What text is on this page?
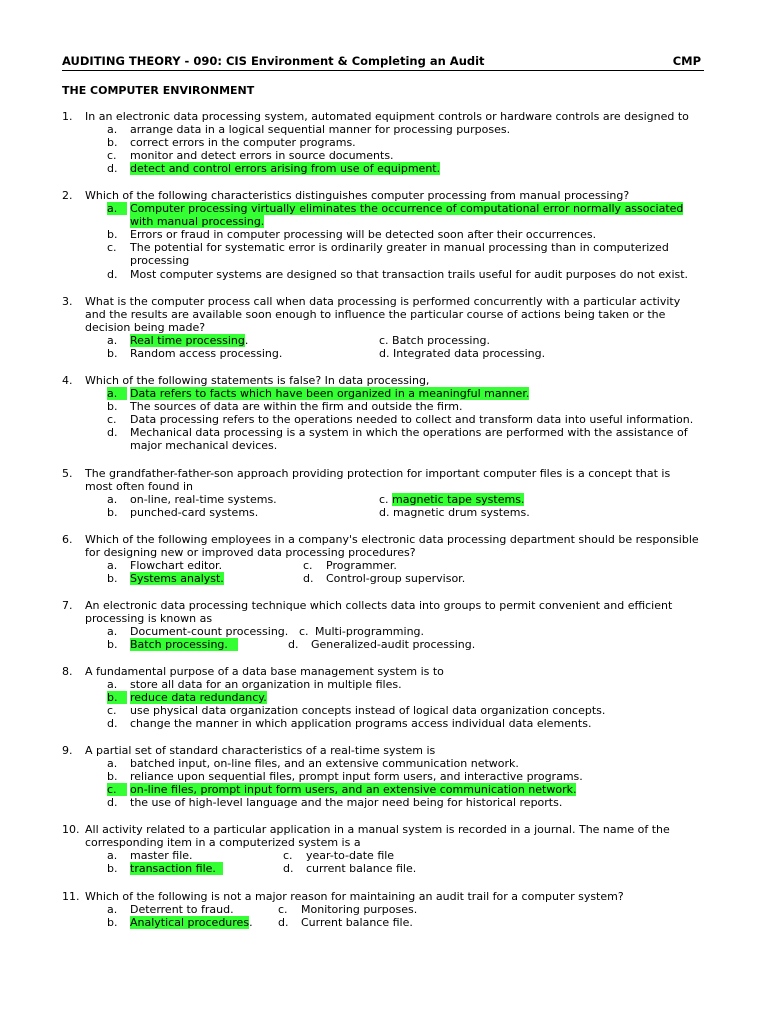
AUDITING THEORY - 090: CIS Environment & Completing an Audit	CMP
THE COMPUTER ENVIRONMENT
1.	In an electronic data processing system, automated equipment controls or hardware controls are designed to
a.	arrange data in a logical sequential manner for processing purposes.
b.	correct errors in the computer programs.
c.	monitor and detect errors in source documents.
d.	detect and control errors arising from use of equipment.
2.	Which of the following characteristics distinguishes computer processing from manual processing?
a.	Computer processing virtually eliminates the occurrence of computational error normally associated
with manual processing.
b.	Errors or fraud in computer processing will be detected soon after their occurrences.
c.	The potential for systematic error is ordinarily greater in manual processing than in computerized
processing
d.	Most computer systems are designed so that transaction trails useful for audit purposes do not exist.
3.	What is the computer process call when data processing is performed concurrently with a particular activity
and the results are available soon enough to influence the particular course of actions being taken or the
decision being made?
a. Real time processing.	c. Batch processing.
b. Random access processing.	d. Integrated data processing.
4.	Which of the following statements is false? In data processing,
a.	Data refers to facts which have been organized in a meaningful manner.
b.	The sources of data are within the firm and outside the firm.
c.	Data processing refers to the operations needed to collect and transform data into useful information.
d.	Mechanical data processing is a system in which the operations are performed with the assistance of
major mechanical devices.
5.	The grandfather-father-son approach providing protection for important computer files is a concept that is
most often found in
a. on-line, real-time systems.	c. magnetic tape systems.
b. punched-card systems.	d. magnetic drum systems.
6.	Which of the following employees in a company's electronic data processing department should be responsible
for designing new or improved data processing procedures?
a. Flowchart editor.	c. Programmer.
b. Systems analyst.	d. Control-group supervisor.
7.	An electronic data processing technique which collects data into groups to permit convenient and efficient
processing is known as
a. Document-count processing. c. Multi-programming.
b. Batch processing.	d. Generalized-audit processing.
8.	A fundamental purpose of a data base management system is to
a.	store all data for an organization in multiple files.
b.	reduce data redundancy.
c.	use physical data organization concepts instead of logical data organization concepts.
d.	change the manner in which application programs access individual data elements.
9.	A partial set of standard characteristics of a real-time system is
a.	batched input, on-line files, and an extensive communication network.
b.	reliance upon sequential files, prompt input form users, and interactive programs.
c.	on-line files, prompt input form users, and an extensive communication network.
d.	the use of high-level language and the major need being for historical reports.
10. All activity related to a particular application in a manual system is recorded in a journal. The name of the
corresponding item in a computerized system is a
a. master file.	c. year-to-date file
b. transaction file.	d. current balance file.
11. Which of the following is not a major reason for maintaining an audit trail for a computer system?
a. Deterrent to fraud.	c. Monitoring purposes.
b. Analytical procedures. d. Current balance file.
